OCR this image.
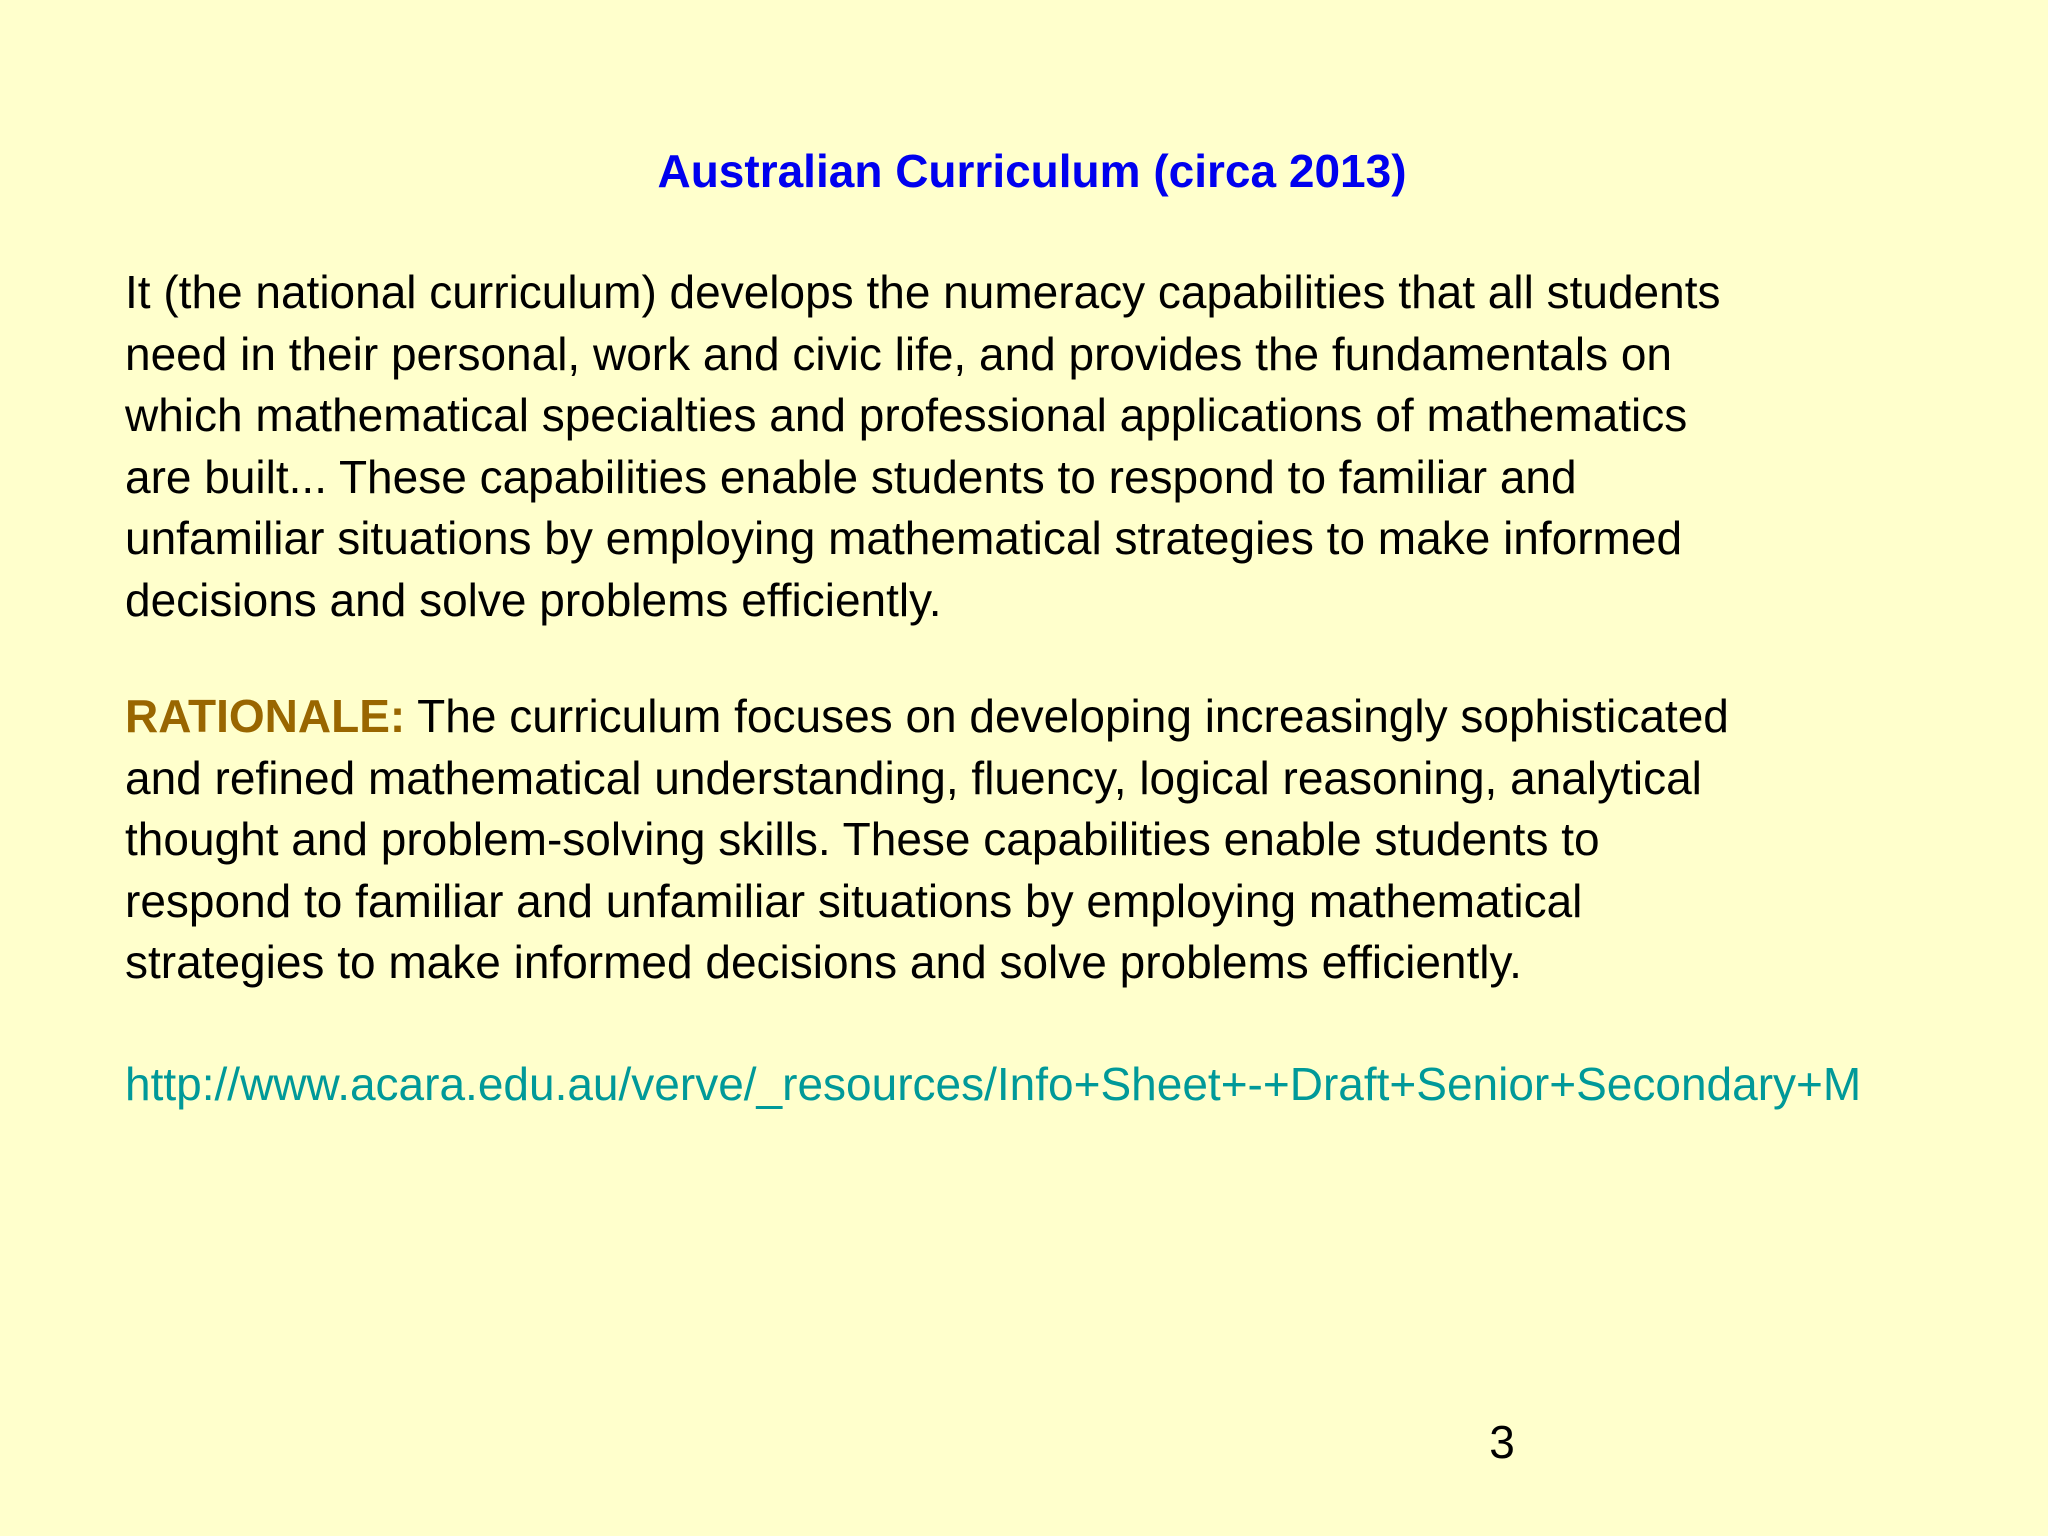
Australian Curriculum (circa 2013)
It (the national curriculum) develops the numeracy capabilities that all students
need in their personal, work and civic life, and provides the fundamentals on
which mathematical specialties and professional applications of mathematics
are built... These capabilities enable students to respond to familiar and
unfamiliar situations by employing mathematical strategies to make informed
decisions and solve problems efficiently.
RATIONALE: The curriculum focuses on developing increasingly sophisticated
and refined mathematical understanding, fluency, logical reasoning, analytical
thought and problem-solving skills. These capabilities enable students to
respond to familiar and unfamiliar situations by employing mathematical
strategies to make informed decisions and solve problems efficiently.
http://www.acara.edu.au/verve/_resources/Info+Sheet+-+Draft+Senior+Secondary+M
3
